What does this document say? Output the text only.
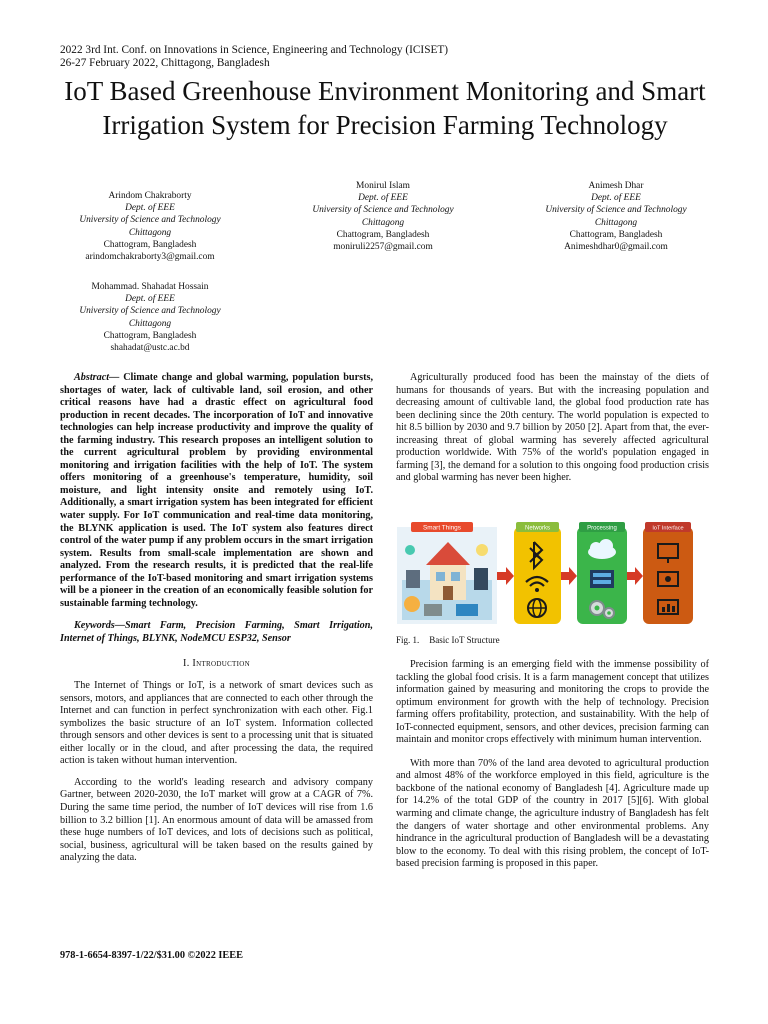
2022 3rd Int. Conf. on Innovations in Science, Engineering and Technology (ICISET)
26-27 February 2022, Chittagong, Bangladesh
IoT Based Greenhouse Environment Monitoring and Smart Irrigation System for Precision Farming Technology
Arindom Chakraborty
Dept. of EEE
University of Science and Technology
Chittagong
Chattogram, Bangladesh
arindomchakraborty3@gmail.com
Monirul Islam
Dept. of EEE
University of Science and Technology
Chittagong
Chattogram, Bangladesh
moniruli2257@gmail.com
Animesh Dhar
Dept. of EEE
University of Science and Technology
Chittagong
Chattogram, Bangladesh
Animeshdhar0@gmail.com
Mohammad. Shahadat Hossain
Dept. of EEE
University of Science and Technology
Chittagong
Chattogram, Bangladesh
shahadat@ustc.ac.bd

Abstract— Climate change and global warming, population bursts, shortages of water, lack of cultivable land, soil erosion, and other critical reasons have had a drastic effect on agricultural food production in recent decades. The incorporation of IoT and innovative technologies can help increase productivity and improve the quality of the farming industry. This research proposes an intelligent solution to the current agricultural problem by providing environmental monitoring and irrigation facilities with the help of IoT. The system offers monitoring of a greenhouse's temperature, humidity, soil moisture, and light intensity onsite and remotely using IoT. Additionally, a smart irrigation system has been integrated for efficient water supply. For IoT communication and real-time data monitoring, the BLYNK application is used. The IoT system also features direct control of the water pump if any problem occurs in the smart irrigation system. Results from small-scale implementation are shown and analyzed. From the research results, it is predicted that the real-life performance of the IoT-based monitoring and smart irrigation systems will be a pioneer in the creation of an economically feasible solution for sustainable farming technology.

Keywords—Smart Farm, Precision Farming, Smart Irrigation, Internet of Things, BLYNK, NodeMCU ESP32, Sensor

I. Introduction

The Internet of Things or IoT, is a network of smart devices such as sensors, motors, and appliances that are connected to each other through the Internet and can function in perfect synchronization with each other. Fig.1 symbolizes the basic structure of an IoT system. Information collected through sensors and other devices is sent to a processing unit that is situated either locally or in the cloud, and after processing the data, the required action is taken without human intervention.

According to the world's leading research and advisory company Gartner, between 2020-2030, the IoT market will grow at a CAGR of 7%. During the same time period, the number of IoT devices will rise from 1.6 billion to 3.2 billion [1]. An enormous amount of data will be amassed from these huge numbers of IoT devices, and lots of decisions such as political, social, business, agricultural will be taken based on the results gained by analyzing the data.

Agriculturally produced food has been the mainstay of the diets of humans for thousands of years. But with the increasing population and decreasing amount of cultivable land, the global food production rate has been declining since the 20th century. The world population is expected to hit 8.5 billion by 2030 and 9.7 billion by 2050 [2]. Apart from that, the ever-increasing threat of global warming has severely affected agricultural production worldwide. With 75% of the world's population engaged in farming [3], the demand for a solution to this ongoing food production crisis and global warming has never been higher.

Smart Things	Networks	Processing	IoT Interface
Fig. 1. Basic IoT Structure

Precision farming is an emerging field with the immense possibility of tackling the global food crisis. It is a farm management concept that utilizes information gained by measuring and monitoring the crops to provide the optimum environment for growth with the help of technology. Precision farming offers profitability, protection, and sustainability. With the help of IoT-connected equipment, sensors, and other devices, precision farming can maintain and monitor crops effectively with minimum human intervention.

With more than 70% of the land area devoted to agricultural production and almost 48% of the workforce employed in this field, agriculture is the backbone of the national economy of Bangladesh [4]. Agriculture made up for 14.2% of the total GDP of the country in 2017 [5][6]. With global warming and climate change, the agriculture industry of Bangladesh has felt the dangers of water shortage and other environmental problems. Any hindrance in the agricultural production of Bangladesh will be a devastating blow to the economy. To deal with this rising problem, the concept of IoT-based precision farming is proposed in this paper.

978-1-6654-8397-1/22/$31.00 ©2022 IEEE
